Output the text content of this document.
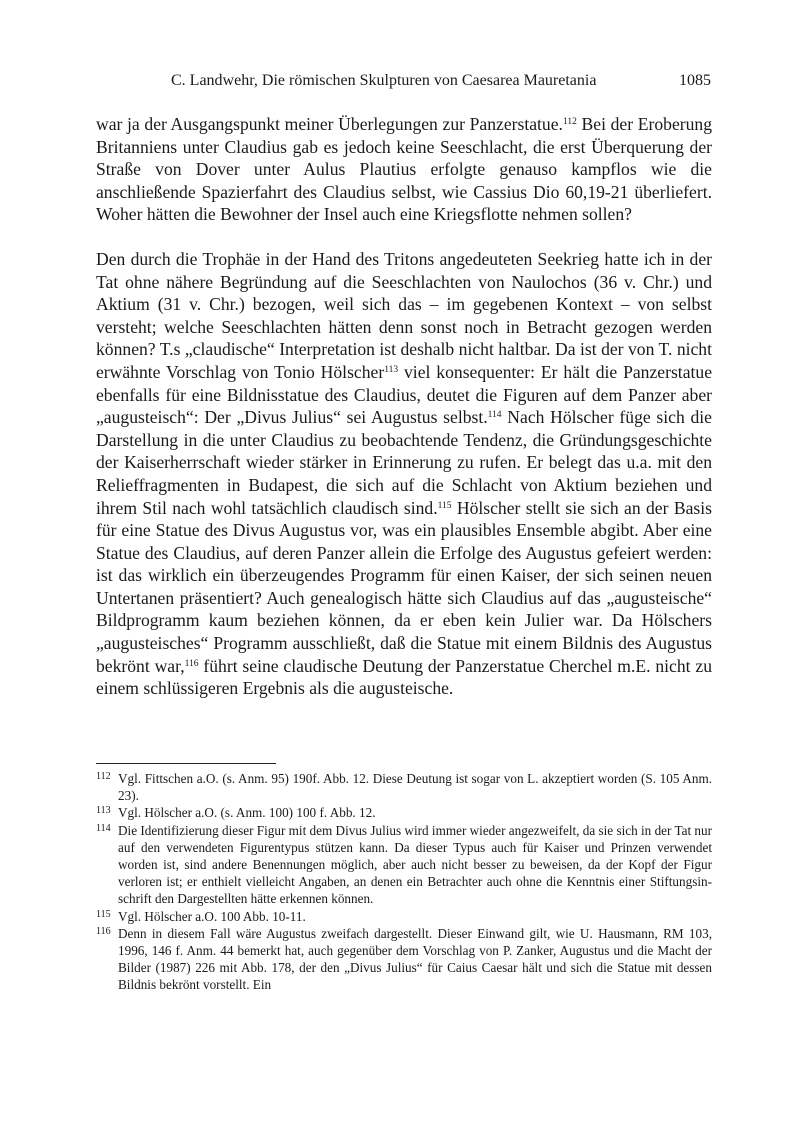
C. Landwehr, Die römischen Skulpturen von Caesarea Mauretania	1085

war ja der Ausgangspunkt meiner Überlegungen zur Panzerstatue.$^{112}$ Bei der Eroberung Britanniens unter Claudius gab es jedoch keine Seeschlacht, die erst Überquerung der Straße von Dover unter Aulus Plautius erfolgte genauso kampflos wie die anschließende Spazierfahrt des Claudius selbst, wie Cassius Dio 60,19-21 überliefert. Woher hätten die Bewohner der Insel auch eine Kriegsflotte nehmen sollen?

Den durch die Trophäe in der Hand des Tritons angedeuteten Seekrieg hatte ich in der Tat ohne nähere Begründung auf die Seeschlachten von Naulochos (36 v. Chr.) und Aktium (31 v. Chr.) bezogen, weil sich das – im gegebenen Kontext – von selbst versteht; welche Seeschlachten hätten denn sonst noch in Betracht gezogen werden können? T.s „claudische“ Interpretation ist deshalb nicht haltbar. Da ist der von T. nicht erwähnte Vorschlag von Tonio Hölscher$^{113}$ viel konsequenter: Er hält die Panzerstatue ebenfalls für eine Bildnisstatue des Claudius, deutet die Figuren auf dem Panzer aber „augusteisch“: Der „Divus Julius“ sei Augustus selbst.$^{114}$ Nach Hölscher füge sich die Darstellung in die unter Claudius zu beobachtende Tendenz, die Gründungsgeschichte der Kaiserherrschaft wieder stärker in Erinnerung zu rufen. Er belegt das u.a. mit den Relieffragmenten in Budapest, die sich auf die Schlacht von Aktium beziehen und ihrem Stil nach wohl tatsächlich claudisch sind.$^{115}$ Hölscher stellt sie sich an der Basis für eine Statue des Divus Augustus vor, was ein plausibles Ensemble abgibt. Aber eine Statue des Claudius, auf deren Panzer allein die Erfolge des Augustus gefeiert werden: ist das wirklich ein überzeugendes Programm für einen Kaiser, der sich seinen neuen Untertanen präsentiert? Auch genealogisch hätte sich Claudius auf das „augusteische“ Bildprogramm kaum beziehen können, da er eben kein Julier war. Da Hölschers „augusteisches“ Programm ausschließt, daß die Statue mit einem Bildnis des Augustus bekrönt war,$^{116}$ führt seine claudische Deutung der Panzerstatue Cherchel m.E. nicht zu einem schlüssigeren Ergebnis als die augusteische.

112 Vgl. Fittschen a.O. (s. Anm. 95) 190f. Abb. 12. Diese Deutung ist sogar von L. akzeptiert worden (S. 105 Anm. 23).
113 Vgl. Hölscher a.O. (s. Anm. 100) 100 f. Abb. 12.
114 Die Identifizierung dieser Figur mit dem Divus Julius wird immer wieder angezweifelt, da sie sich in der Tat nur auf den verwendeten Figurentypus stützen kann. Da dieser Typus auch für Kaiser und Prinzen verwendet worden ist, sind andere Benennungen möglich, aber auch nicht besser zu beweisen, da der Kopf der Figur verloren ist; er enthielt vielleicht Angaben, an denen ein Betrachter auch ohne die Kenntnis einer Stiftungsinschrift den Dargestellten hätte erkennen können.
115 Vgl. Hölscher a.O. 100 Abb. 10-11.
116 Denn in diesem Fall wäre Augustus zweifach dargestellt. Dieser Einwand gilt, wie U. Hausmann, RM 103, 1996, 146 f. Anm. 44 bemerkt hat, auch gegenüber dem Vorschlag von P. Zanker, Augustus und die Macht der Bilder (1987) 226 mit Abb. 178, der den „Divus Julius“ für Caius Caesar hält und sich die Statue mit dessen Bildnis bekrönt vorstellt. Ein
